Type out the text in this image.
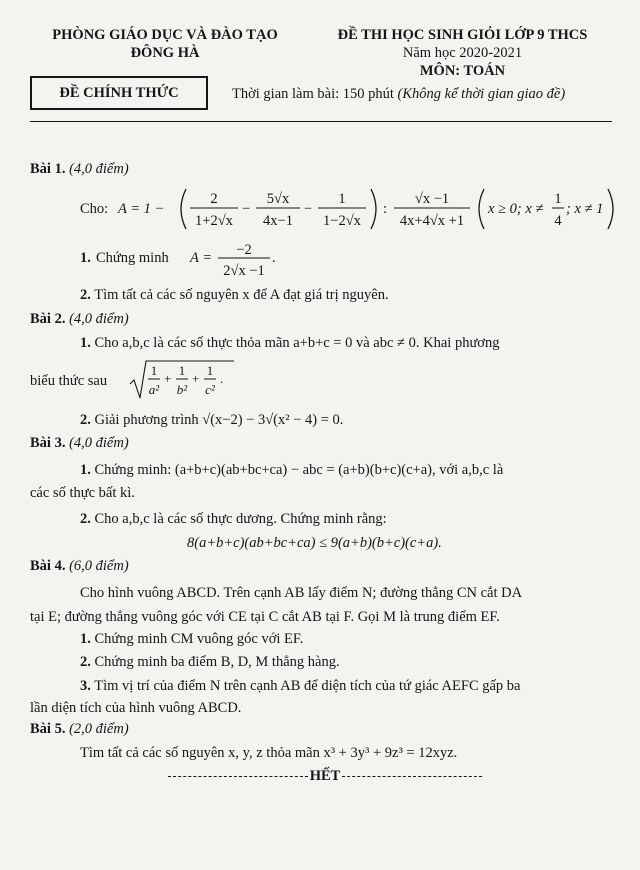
PHÒNG GIÁO DỤC VÀ ĐÀO TẠO
ĐÔNG HÀ
ĐỀ THI HỌC SINH GIỎI LỚP 9 THCS
Năm học 2020-2021
MÔN: TOÁN
ĐỀ CHÍNH THỨC	Thời gian làm bài: 150 phút (Không kể thời gian giao đề)
Bài 1. (4,0 điểm)
Cho: A = 1 −
2
1+2√x
−
5√x
4x−1
−
1
1−2√x
:
√x −1
4x+4√x +1
x ≥ 0; x ≠
1
4
; x ≠ 1
1. Chứng minh A = −2
2√x −1
.
2. Tìm tất cả các số nguyên x để A đạt giá trị nguyên.
Bài 2. (4,0 điểm)
1. Cho a,b,c là các số thực thỏa mãn a+b+c = 0 và abc ≠ 0. Khai phương
biểu thức sau
1
a²
+
1
b²
+
1
c²
.
2. Giải phương trình √(x−2) − 3√(x² − 4) = 0.
Bài 3. (4,0 điểm)
1. Chứng minh: (a+b+c)(ab+bc+ca) − abc = (a+b)(b+c)(c+a), với a,b,c là
các số thực bất kì.
2. Cho a,b,c là các số thực dương. Chứng minh rằng:
8(a+b+c)(ab+bc+ca) ≤ 9(a+b)(b+c)(c+a).
Bài 4. (6,0 điểm)
Cho hình vuông ABCD. Trên cạnh AB lấy điểm N; đường thẳng CN cắt DA
tại E; đường thẳng vuông góc với CE tại C cắt AB tại F. Gọi M là trung điểm EF.
1. Chứng minh CM vuông góc với EF.
2. Chứng minh ba điểm B, D, M thẳng hàng.
3. Tìm vị trí của điểm N trên cạnh AB để diện tích của tứ giác AEFC gấp ba
lần diện tích của hình vuông ABCD.
Bài 5. (2,0 điểm)
Tìm tất cả các số nguyên x, y, z thỏa mãn x³ + 3y³ + 9z³ = 12xyz.
HẾT
